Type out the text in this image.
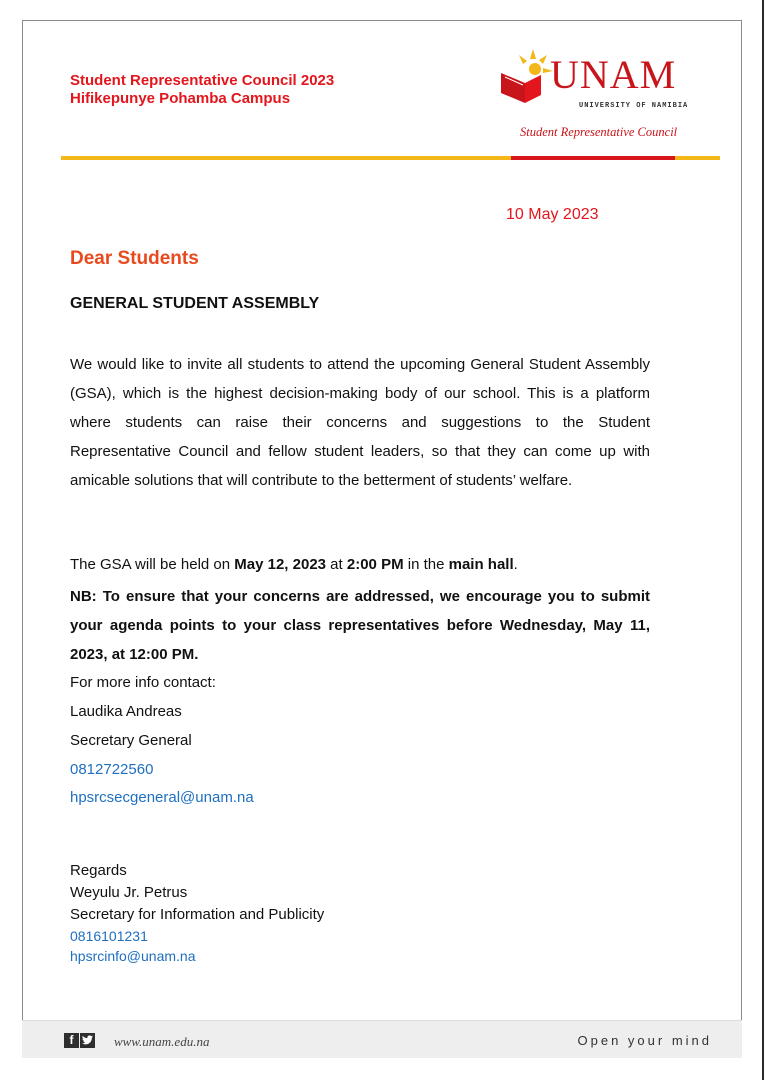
Student Representative Council 2023
Hifikepunye Pohamba Campus
UNAM
UNIVERSITY OF NAMIBIA
Student Representative Council
10 May 2023
Dear Students
GENERAL STUDENT ASSEMBLY
We would like to invite all students to attend the upcoming General Student Assembly (GSA), which is the highest decision-making body of our school. This is a platform where students can raise their concerns and suggestions to the Student Representative Council and fellow student leaders, so that they can come up with amicable solutions that will contribute to the betterment of students’ welfare.
The GSA will be held on May 12, 2023 at 2:00 PM in the main hall.
NB: To ensure that your concerns are addressed, we encourage you to submit your agenda points to your class representatives before Wednesday, May 11, 2023, at 12:00 PM.
For more info contact:
Laudika Andreas
Secretary General
0812722560
hpsrcsecgeneral@unam.na
Regards
Weyulu Jr. Petrus
Secretary for Information and Publicity
0816101231
hpsrcinfo@unam.na
f	www.unam.edu.na	Open your mind
